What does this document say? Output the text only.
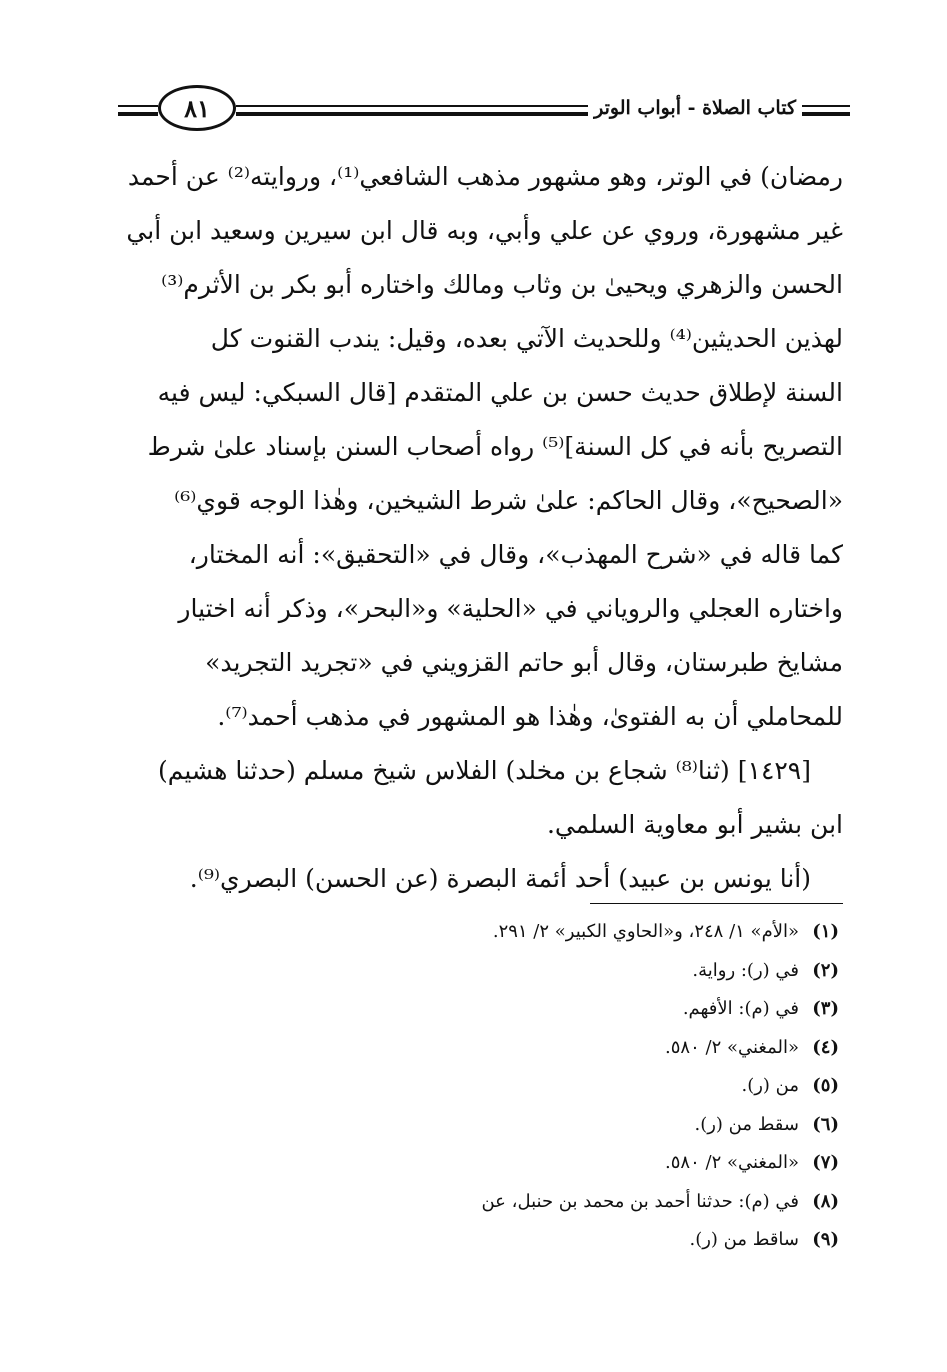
٨١	كتاب الصلاة - أبواب الوتر
رمضان) في الوتر، وهو مشهور مذهب الشافعي⁽¹⁾، وروايته⁽²⁾ عن أحمد
غير مشهورة، وروي عن علي وأبي، وبه قال ابن سيرين وسعيد ابن أبي
الحسن والزهري ويحيىٰ بن وثاب ومالك واختاره أبو بكر بن الأثرم⁽³⁾
لهذين الحديثين⁽⁴⁾ وللحديث الآتي بعده، وقيل: يندب القنوت كل
السنة لإطلاق حديث حسن بن علي المتقدم [قال السبكي: ليس فيه
التصريح بأنه في كل السنة]⁽⁵⁾ رواه أصحاب السنن بإسناد علىٰ شرط
«الصحيح»، وقال الحاكم: علىٰ شرط الشيخين، وهٰذا الوجه قوي⁽⁶⁾
كما قاله في «شرح المهذب»، وقال في «التحقيق»: أنه المختار،
واختاره العجلي والروياني في «الحلية» و«البحر»، وذكر أنه اختيار
مشايخ طبرستان، وقال أبو حاتم القزويني في «تجريد التجريد»
للمحاملي أن به الفتوىٰ، وهٰذا هو المشهور في مذهب أحمد⁽⁷⁾.
[١٤٢٩] (ثنا⁽⁸⁾ شجاع بن مخلد) الفلاس شيخ مسلم (حدثنا هشيم)
ابن بشير أبو معاوية السلمي.
(أنا يونس بن عبيد) أحد أئمة البصرة (عن الحسن) البصري⁽⁹⁾.
(١)«الأم» ١/ ٢٤٨، و«الحاوي الكبير» ٢/ ٢٩١.
(٢)في (ر): رواية.
(٣)في (م): الأفهم.
(٤)«المغني» ٢/ ٥٨٠.
(٥)من (ر).
(٦)سقط من (ر).
(٧)«المغني» ٢/ ٥٨٠.
(٨)في (م): حدثنا أحمد بن محمد بن حنبل، عن
(٩)ساقط من (ر).
